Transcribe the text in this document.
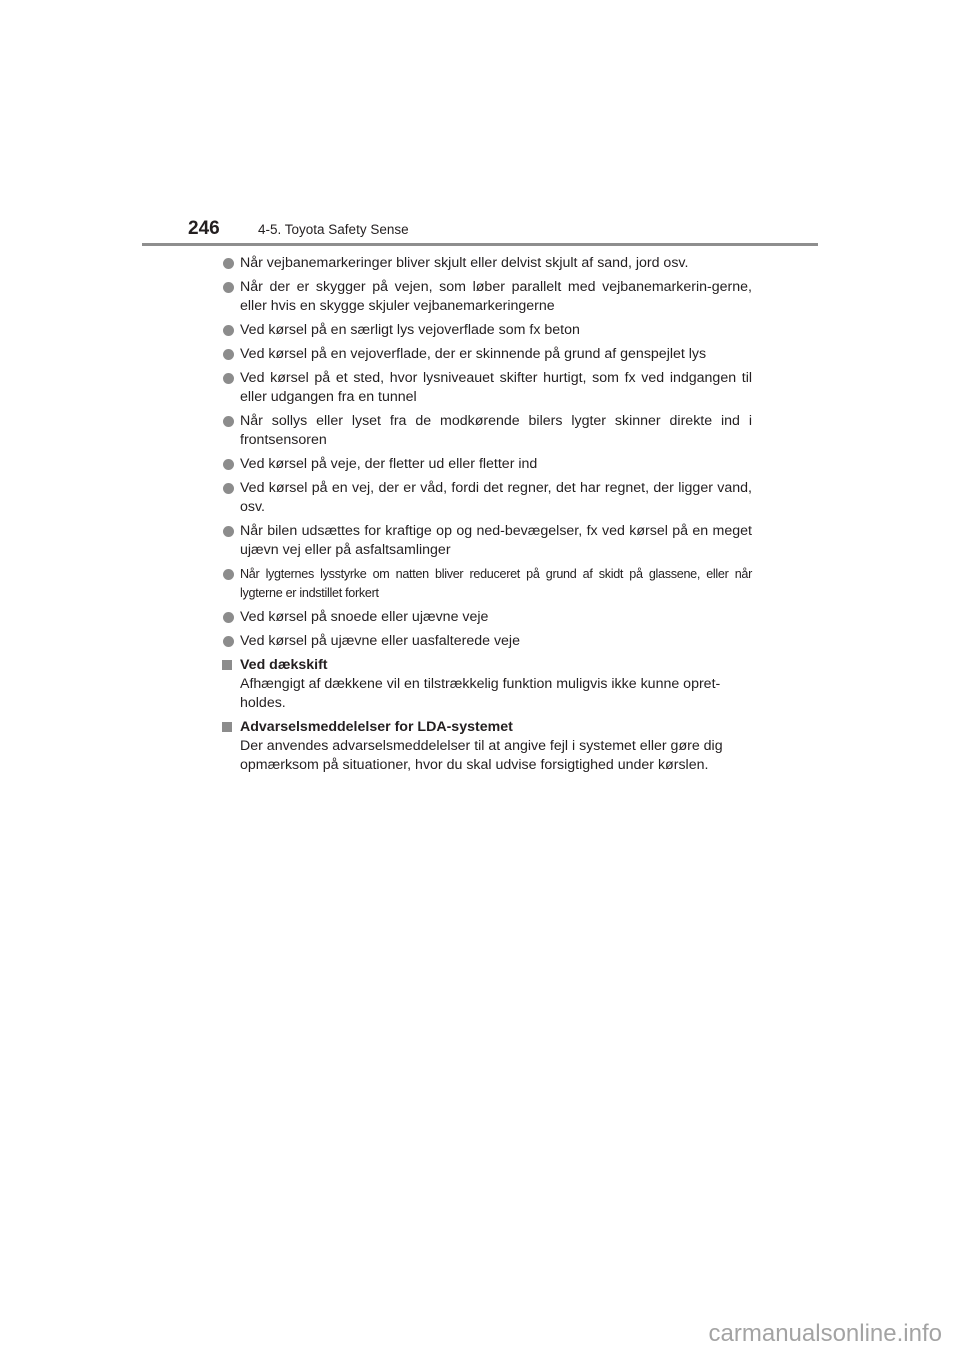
246	4-5. Toyota Safety Sense
Når vejbanemarkeringer bliver skjult eller delvist skjult af sand, jord osv.
Når der er skygger på vejen, som løber parallelt med vejbanemarkerin-gerne, eller hvis en skygge skjuler vejbanemarkeringerne
Ved kørsel på en særligt lys vejoverflade som fx beton
Ved kørsel på en vejoverflade, der er skinnende på grund af genspejlet lys
Ved kørsel på et sted, hvor lysniveauet skifter hurtigt, som fx ved indgangen til eller udgangen fra en tunnel
Når sollys eller lyset fra de modkørende bilers lygter skinner direkte ind i frontsensoren
Ved kørsel på veje, der fletter ud eller fletter ind
Ved kørsel på en vej, der er våd, fordi det regner, det har regnet, der ligger vand, osv.
Når bilen udsættes for kraftige op og ned-bevægelser, fx ved kørsel på en meget ujævn vej eller på asfaltsamlinger
Når lygternes lysstyrke om natten bliver reduceret på grund af skidt på glassene, eller når lygterne er indstillet forkert
Ved kørsel på snoede eller ujævne veje
Ved kørsel på ujævne eller uasfalterede veje
Ved dækskift
Afhængigt af dækkene vil en tilstrækkelig funktion muligvis ikke kunne opret-holdes.
Advarselsmeddelelser for LDA-systemet
Der anvendes advarselsmeddelelser til at angive fejl i systemet eller gøre dig opmærksom på situationer, hvor du skal udvise forsigtighed under kørslen.
carmanualsonline.info
